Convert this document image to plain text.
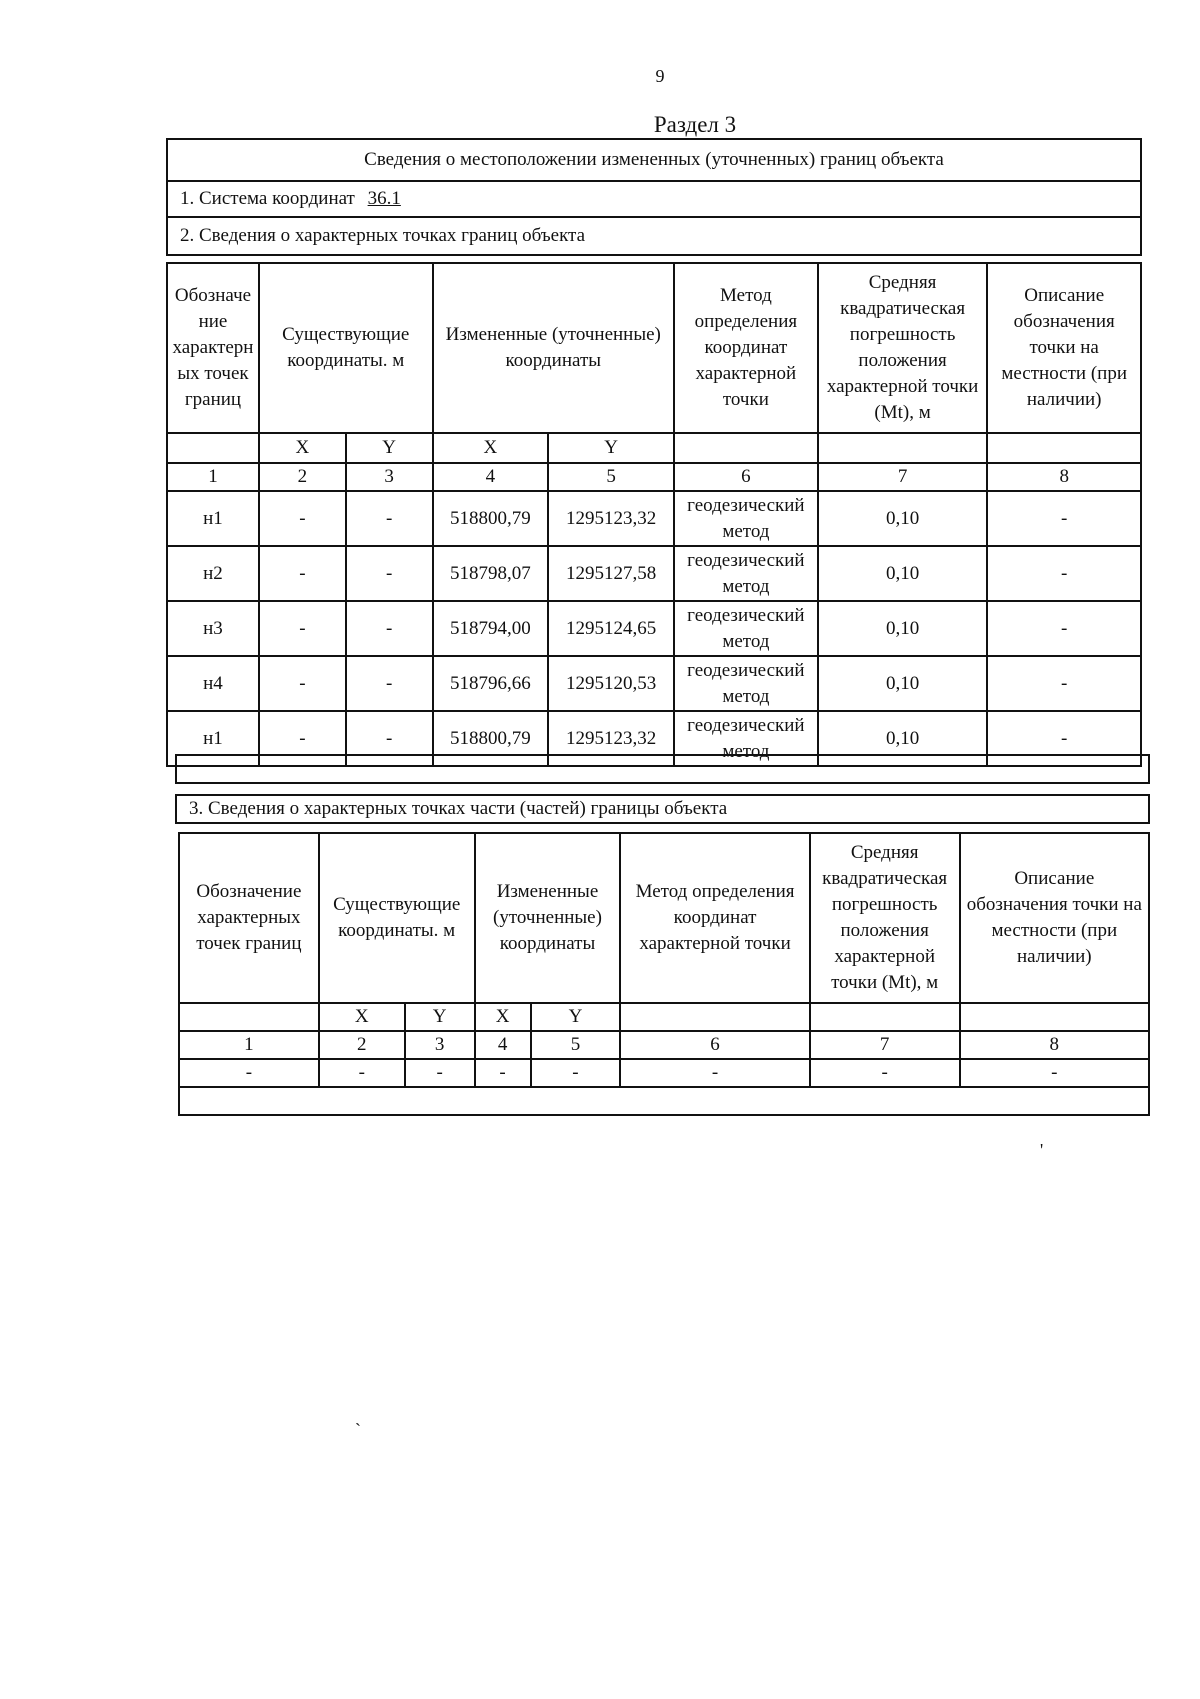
9
Раздел 3
Сведения о местоположении измененных (уточненных) границ объекта
1. Система координат 36.1
2. Сведения о характерных точках границ объекта
Обозначе ние характерн ых точек границ	Существующие координаты. м		Измененные (уточненные) координаты		Метод определения координат характерной точки	Средняя квадратическая погрешность положения характерной точки (Mt), м	Описание обозначения точки на местности (при наличии)
	X	Y	X	Y			
1	2	3	4	5	6	7	8
н1	-	-	518800,79	1295123,32	геодезический метод	0,10	-
н2	-	-	518798,07	1295127,58	геодезический метод	0,10	-
н3	-	-	518794,00	1295124,65	геодезический метод	0,10	-
н4	-	-	518796,66	1295120,53	геодезический метод	0,10	-
н1	-	-	518800,79	1295123,32	геодезический метод	0,10	-
3. Сведения о характерных точках части (частей) границы объекта
Обозначение характерных точек границ	Существующие координаты. м		Измененные (уточненные) координаты		Метод определения координат характерной точки	Средняя квадратическая погрешность положения характерной точки (Mt), м	Описание обозначения точки на местности (при наличии)
	X	Y	X	Y			
1	2	3	4	5	6	7	8
-	-	-	-	-	-	-	-
'
`
